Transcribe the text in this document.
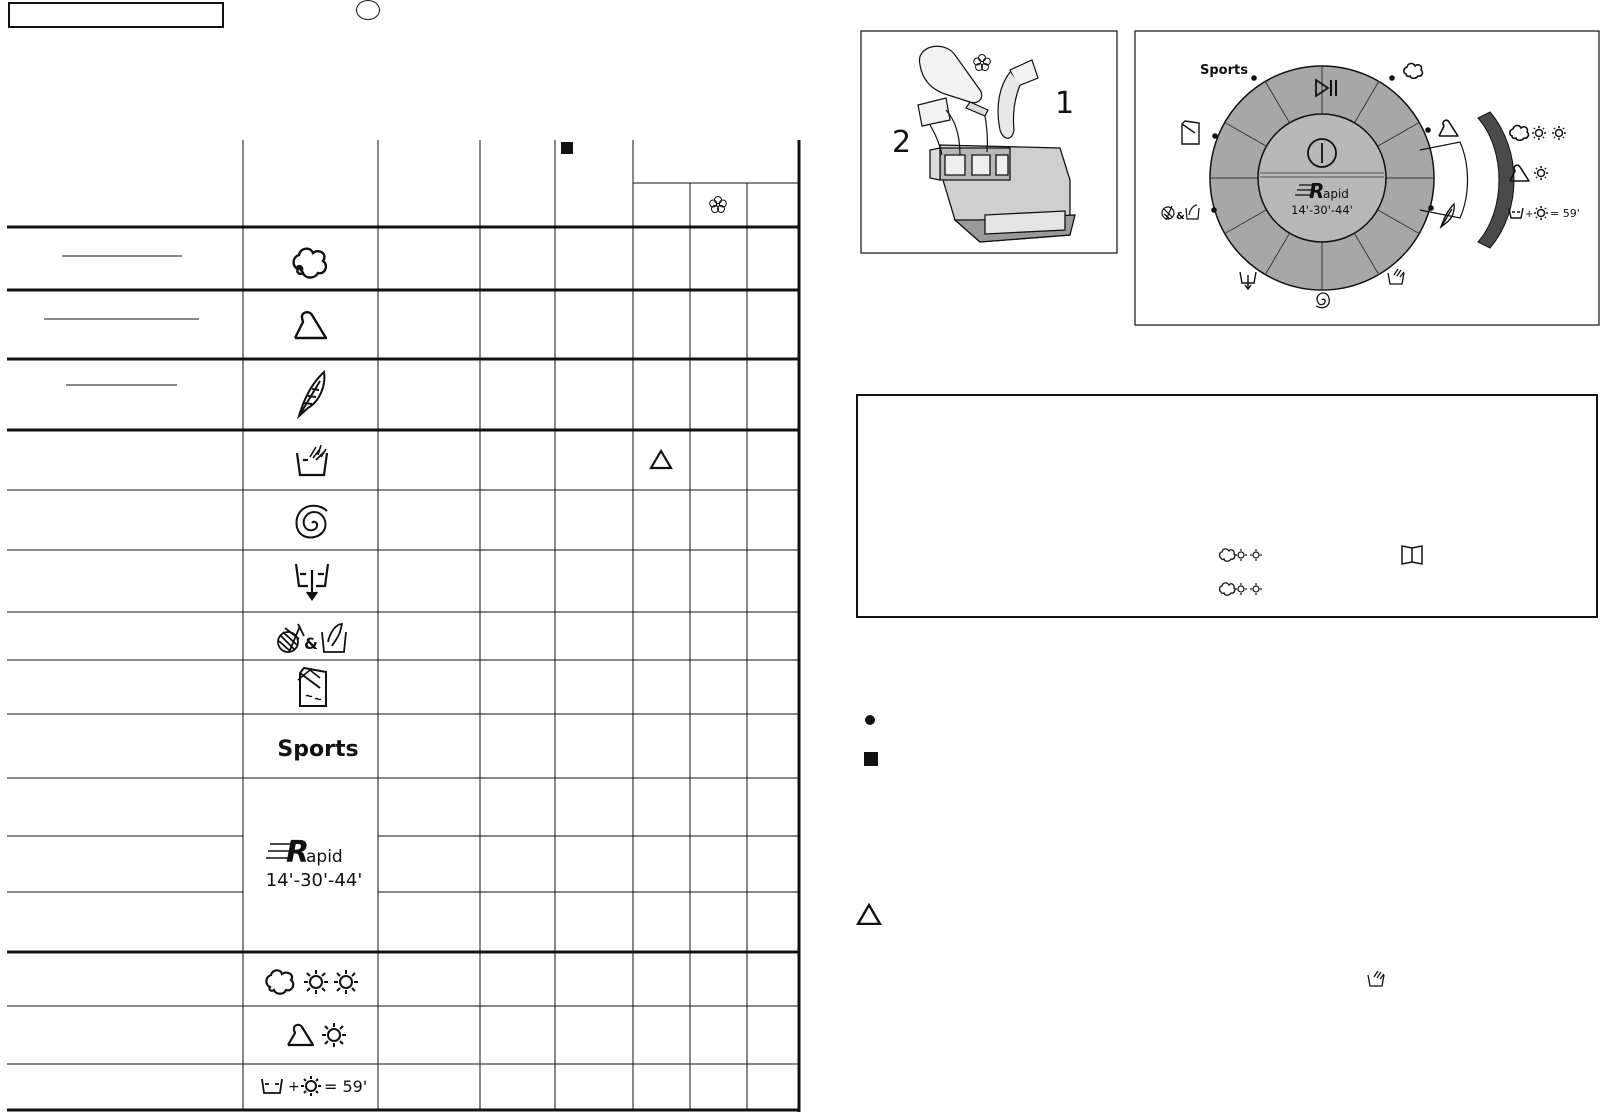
&
Sports
R
apid
14'-30'-44'
+ = 59'
1
2
R
apid
14'-30'-44'
Sports
&	+ = 59'
